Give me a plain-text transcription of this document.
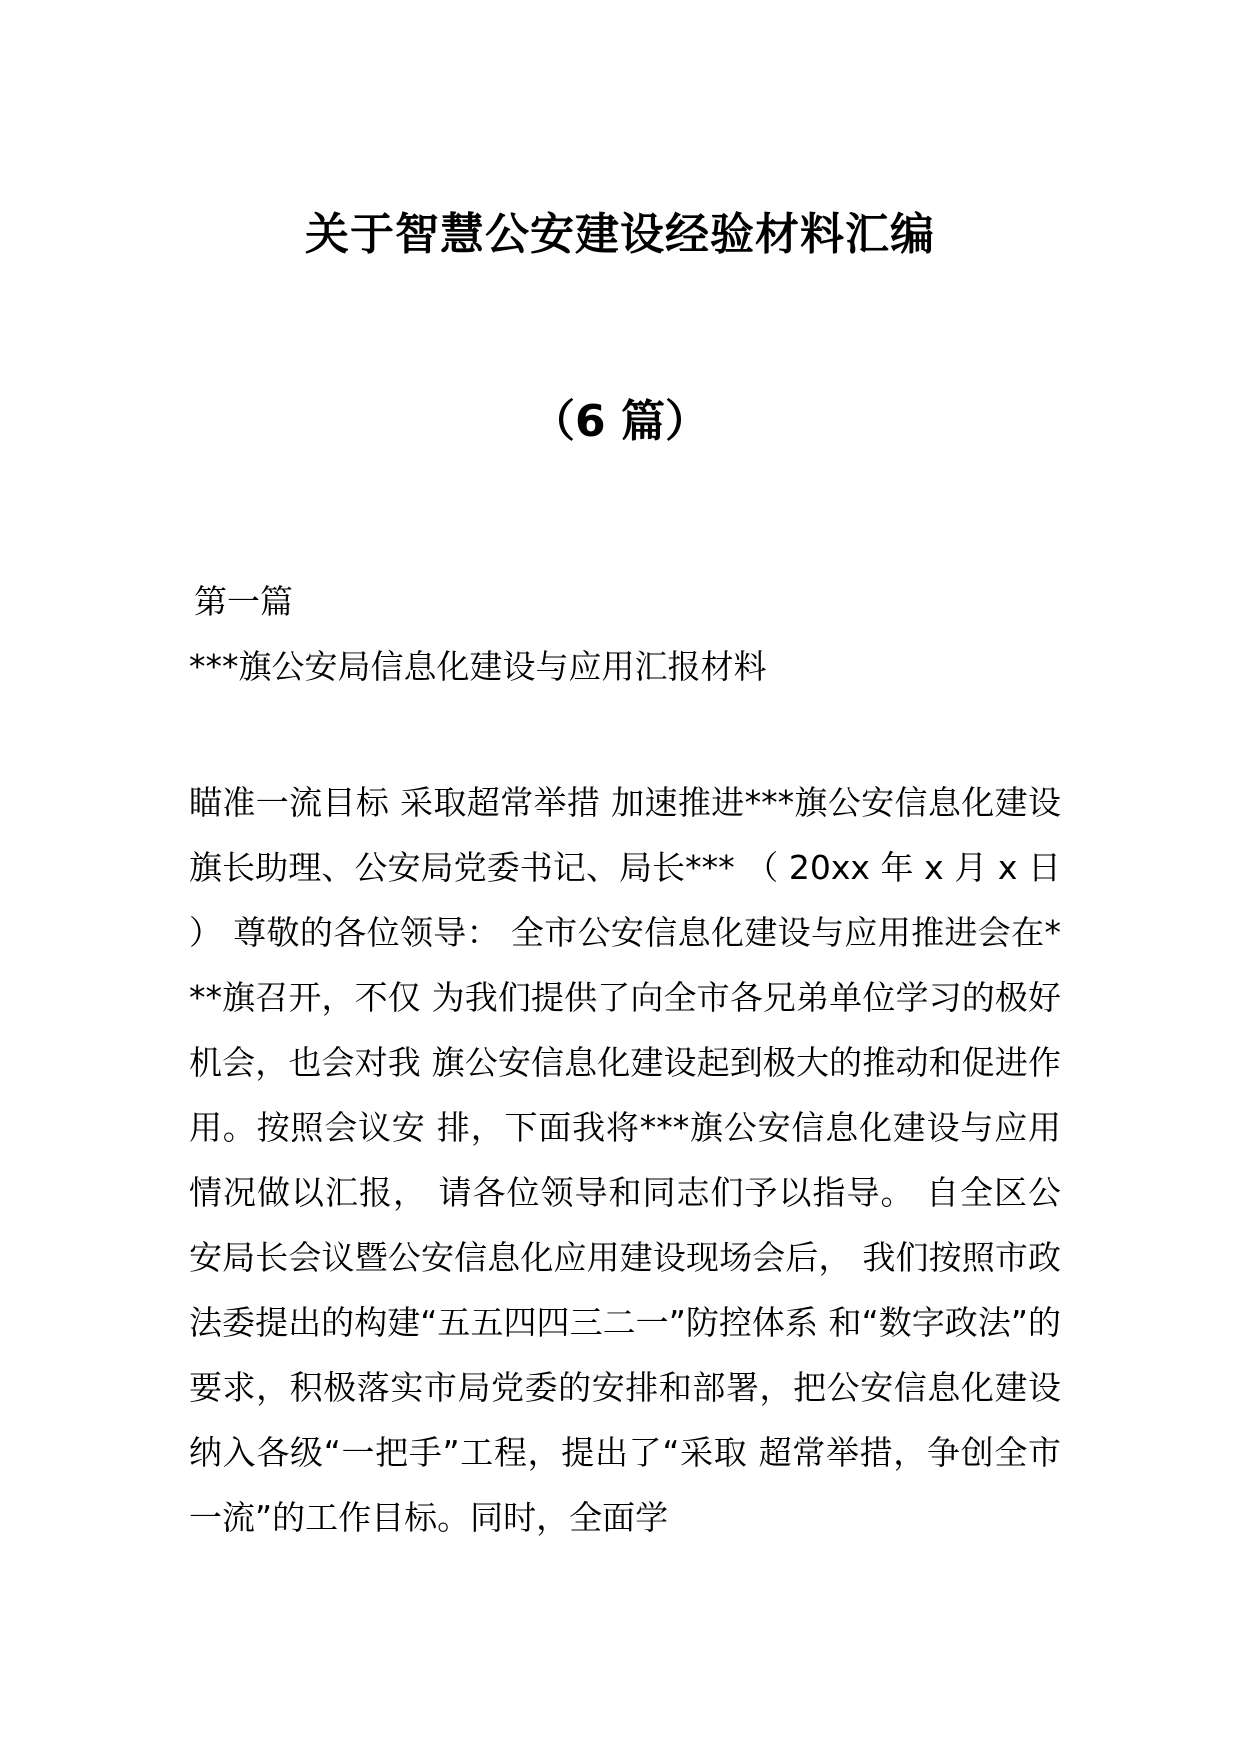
关于智慧公安建设经验材料汇编
（6 篇）
第一篇
***旗公安局信息化建设与应用汇报材料
瞄准一流目标 采取超常举措 加速推进***旗公安信息化建设 旗长助理、公安局党委书记、局长*** （ 20xx 年 x 月 x 日 ） 尊敬的各位领导： 全市公安信息化建设与应用推进会在***旗召开，不仅 为我们提供了向全市各兄弟单位学习的极好机会，也会对我 旗公安信息化建设起到极大的推动和促进作用。按照会议安 排，下面我将***旗公安信息化建设与应用情况做以汇报， 请各位领导和同志们予以指导。 自全区公安局长会议暨公安信息化应用建设现场会后， 我们按照市政法委提出的构建“五五四四三二一”防控体系 和“数字政法”的要求，积极落实市局党委的安排和部署，把公安信息化建设纳入各级“一把手”工程，提出了“采取 超常举措，争创全市一流”的工作目标。同时，全面学
